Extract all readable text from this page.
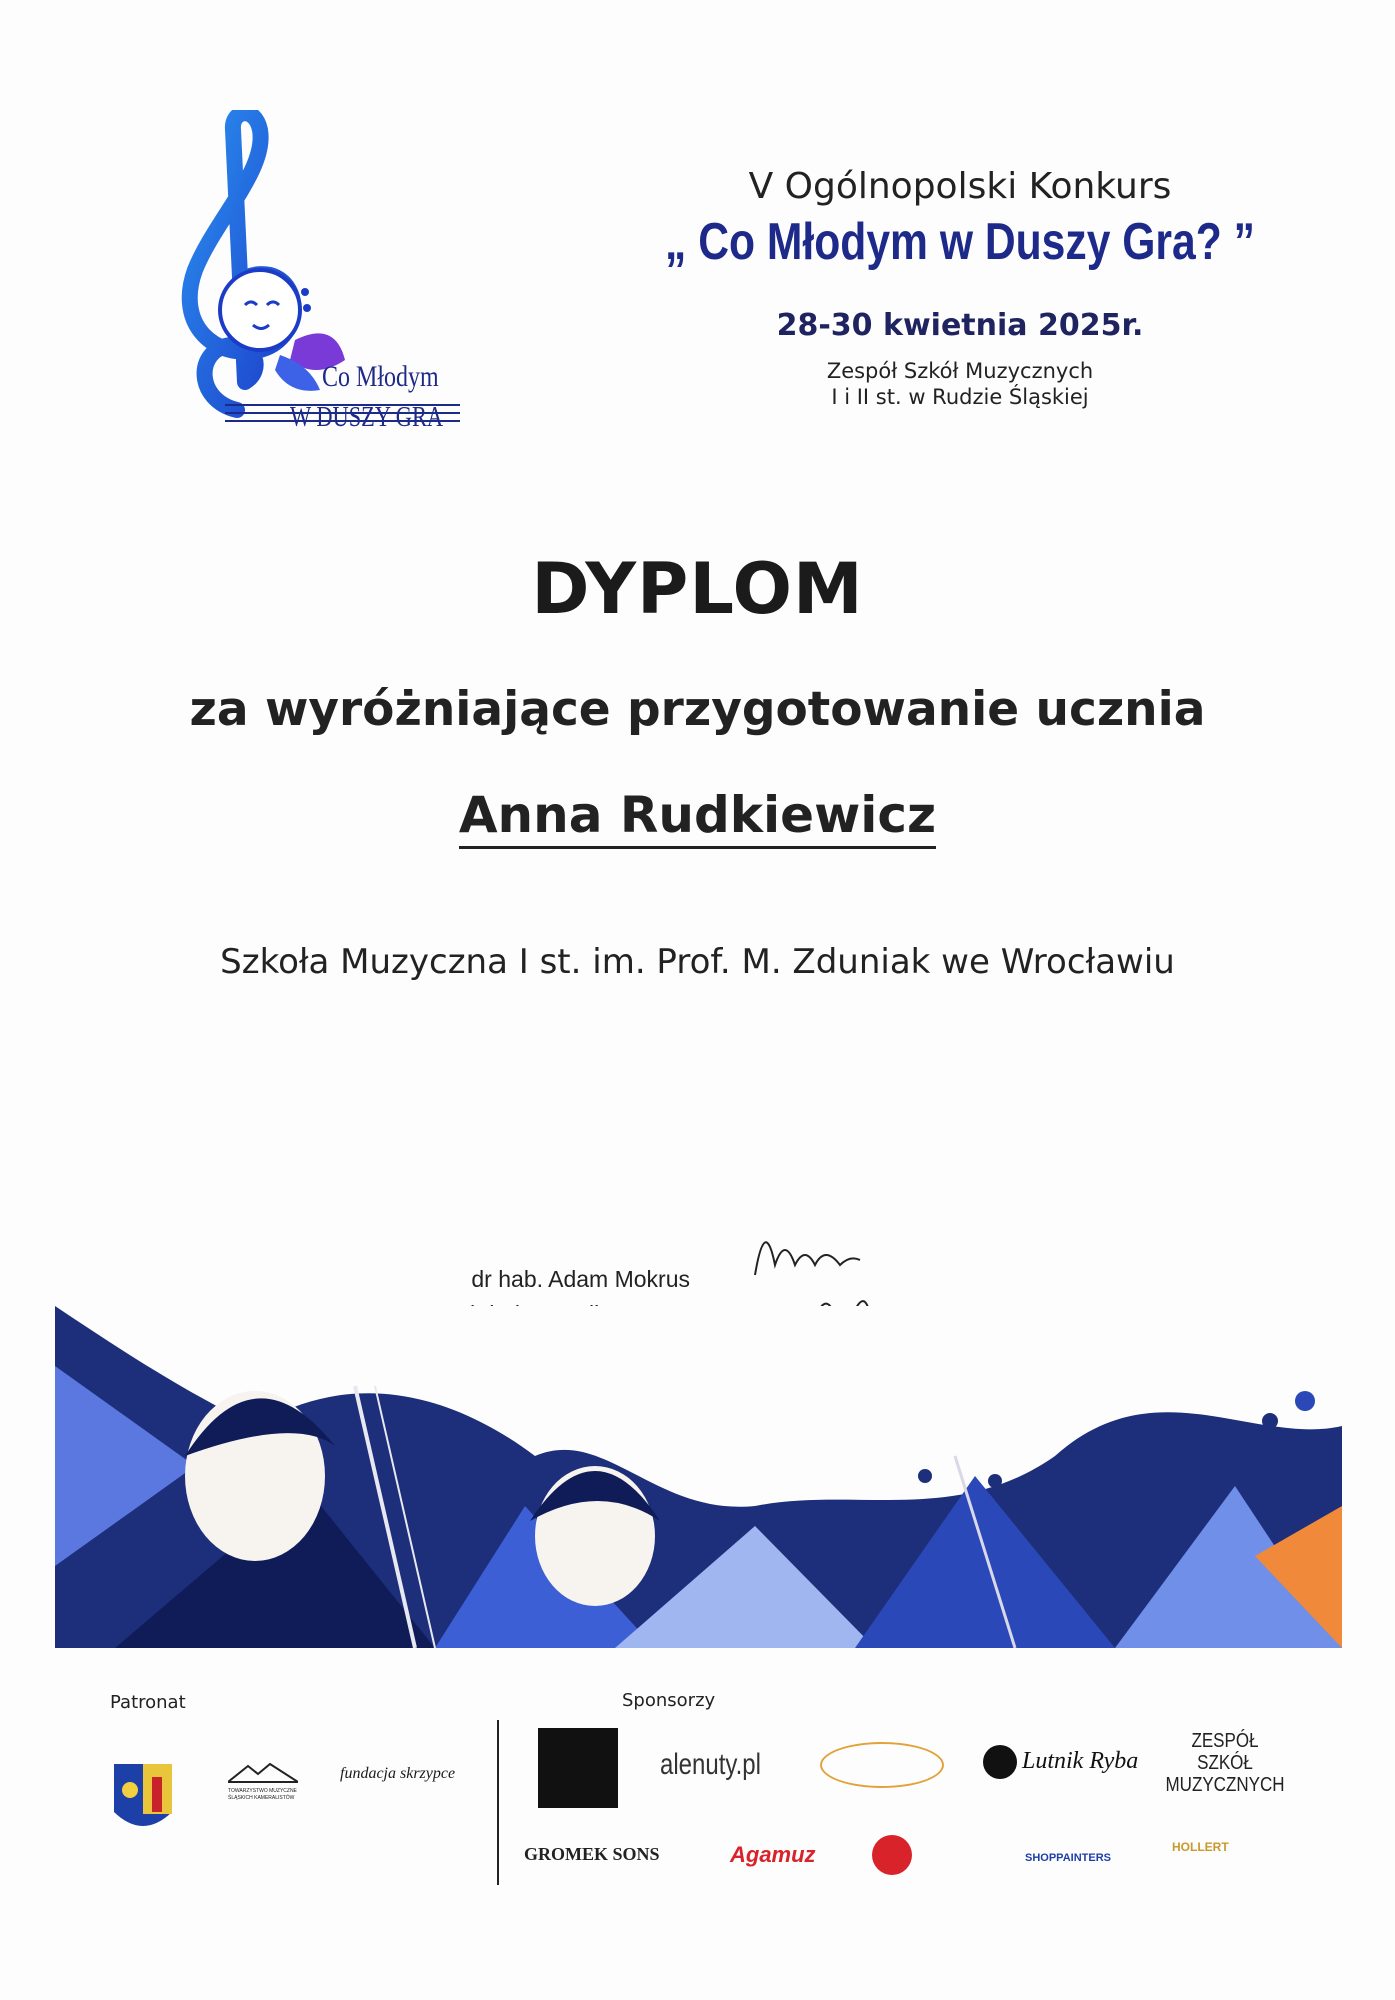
Co Młodym
W DUSZY GRA
V Ogólnopolski Konkurs
„ Co Młodym w Duszy Gra? ”
28-30 kwietnia 2025r.
Zespół Szkół Muzycznych
I i II st. w Rudzie Śląskiej
DYPLOM
za wyróżniające przygotowanie ucznia
Anna Rudkiewicz
Szkoła Muzyczna I st. im. Prof. M. Zduniak we Wrocławiu
dr hab. Adam Mokrus
Patronat
TOWARZYSTWO MUZYCZNE ŚLĄSKICH KAMERALISTÓW
fundacja skrzypce
Sponsorzy
alenuty.pl	Lutnik Ryba
ZESPÓŁ SZKÓŁ MUZYCZNYCH
GROMEK SONS	Agamuz	SHOPPAINTERS
HOLLERT
